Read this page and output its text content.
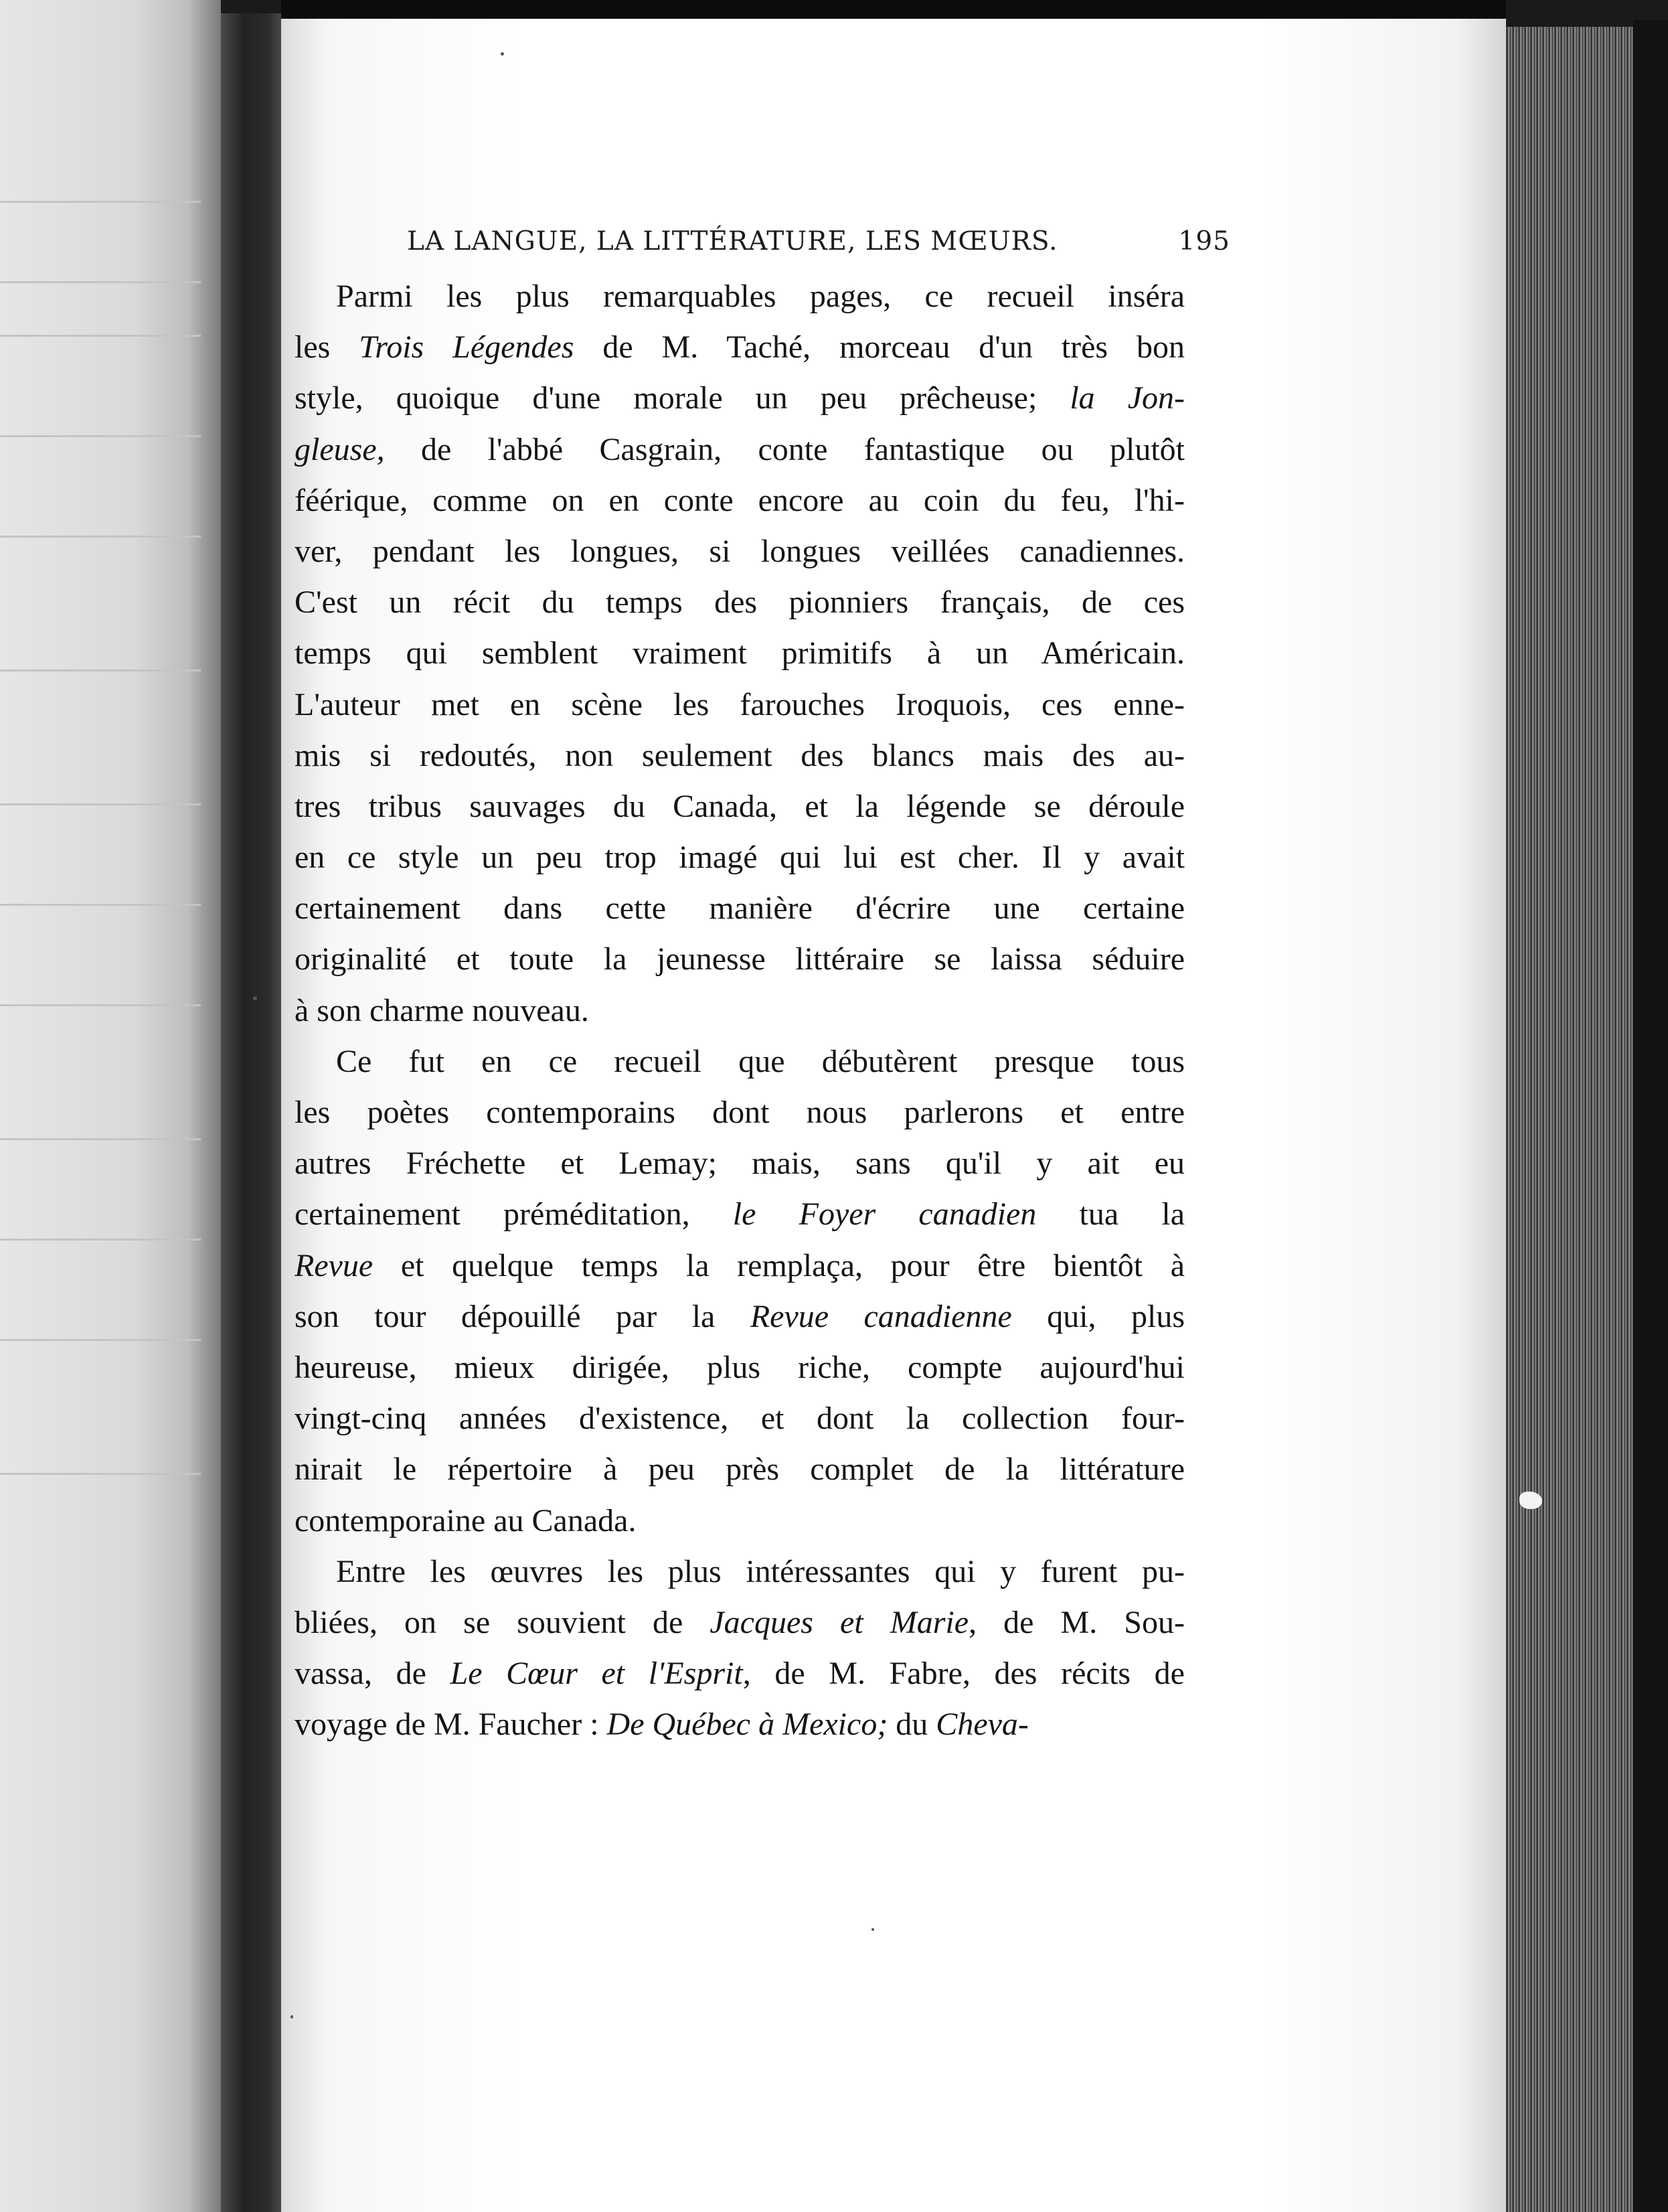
LA LANGUE, LA LITTÉRATURE, LES MŒURS.	195
Parmi les plus remarquables pages, ce recueil inséra
les Trois Légendes de M. Taché, morceau d'un très bon
style, quoique d'une morale un peu prêcheuse; la Jon-
gleuse, de l'abbé Casgrain, conte fantastique ou plutôt
féérique, comme on en conte encore au coin du feu, l'hi-
ver, pendant les longues, si longues veillées canadiennes.
C'est un récit du temps des pionniers français, de ces
temps qui semblent vraiment primitifs à un Américain.
L'auteur met en scène les farouches Iroquois, ces enne-
mis si redoutés, non seulement des blancs mais des au-
tres tribus sauvages du Canada, et la légende se déroule
en ce style un peu trop imagé qui lui est cher. Il y avait
certainement dans cette manière d'écrire une certaine
originalité et toute la jeunesse littéraire se laissa séduire
à son charme nouveau.
Ce fut en ce recueil que débutèrent presque tous
les poètes contemporains dont nous parlerons et entre
autres Fréchette et Lemay; mais, sans qu'il y ait eu
certainement préméditation, le Foyer canadien tua la
Revue et quelque temps la remplaça, pour être bientôt à
son tour dépouillé par la Revue canadienne qui, plus
heureuse, mieux dirigée, plus riche, compte aujourd'hui
vingt-cinq années d'existence, et dont la collection four-
nirait le répertoire à peu près complet de la littérature
contemporaine au Canada.
Entre les œuvres les plus intéressantes qui y furent pu-
bliées, on se souvient de Jacques et Marie, de M. Sou-
vassa, de Le Cœur et l'Esprit, de M. Fabre, des récits de
voyage de M. Faucher : De Québec à Mexico; du Cheva-
